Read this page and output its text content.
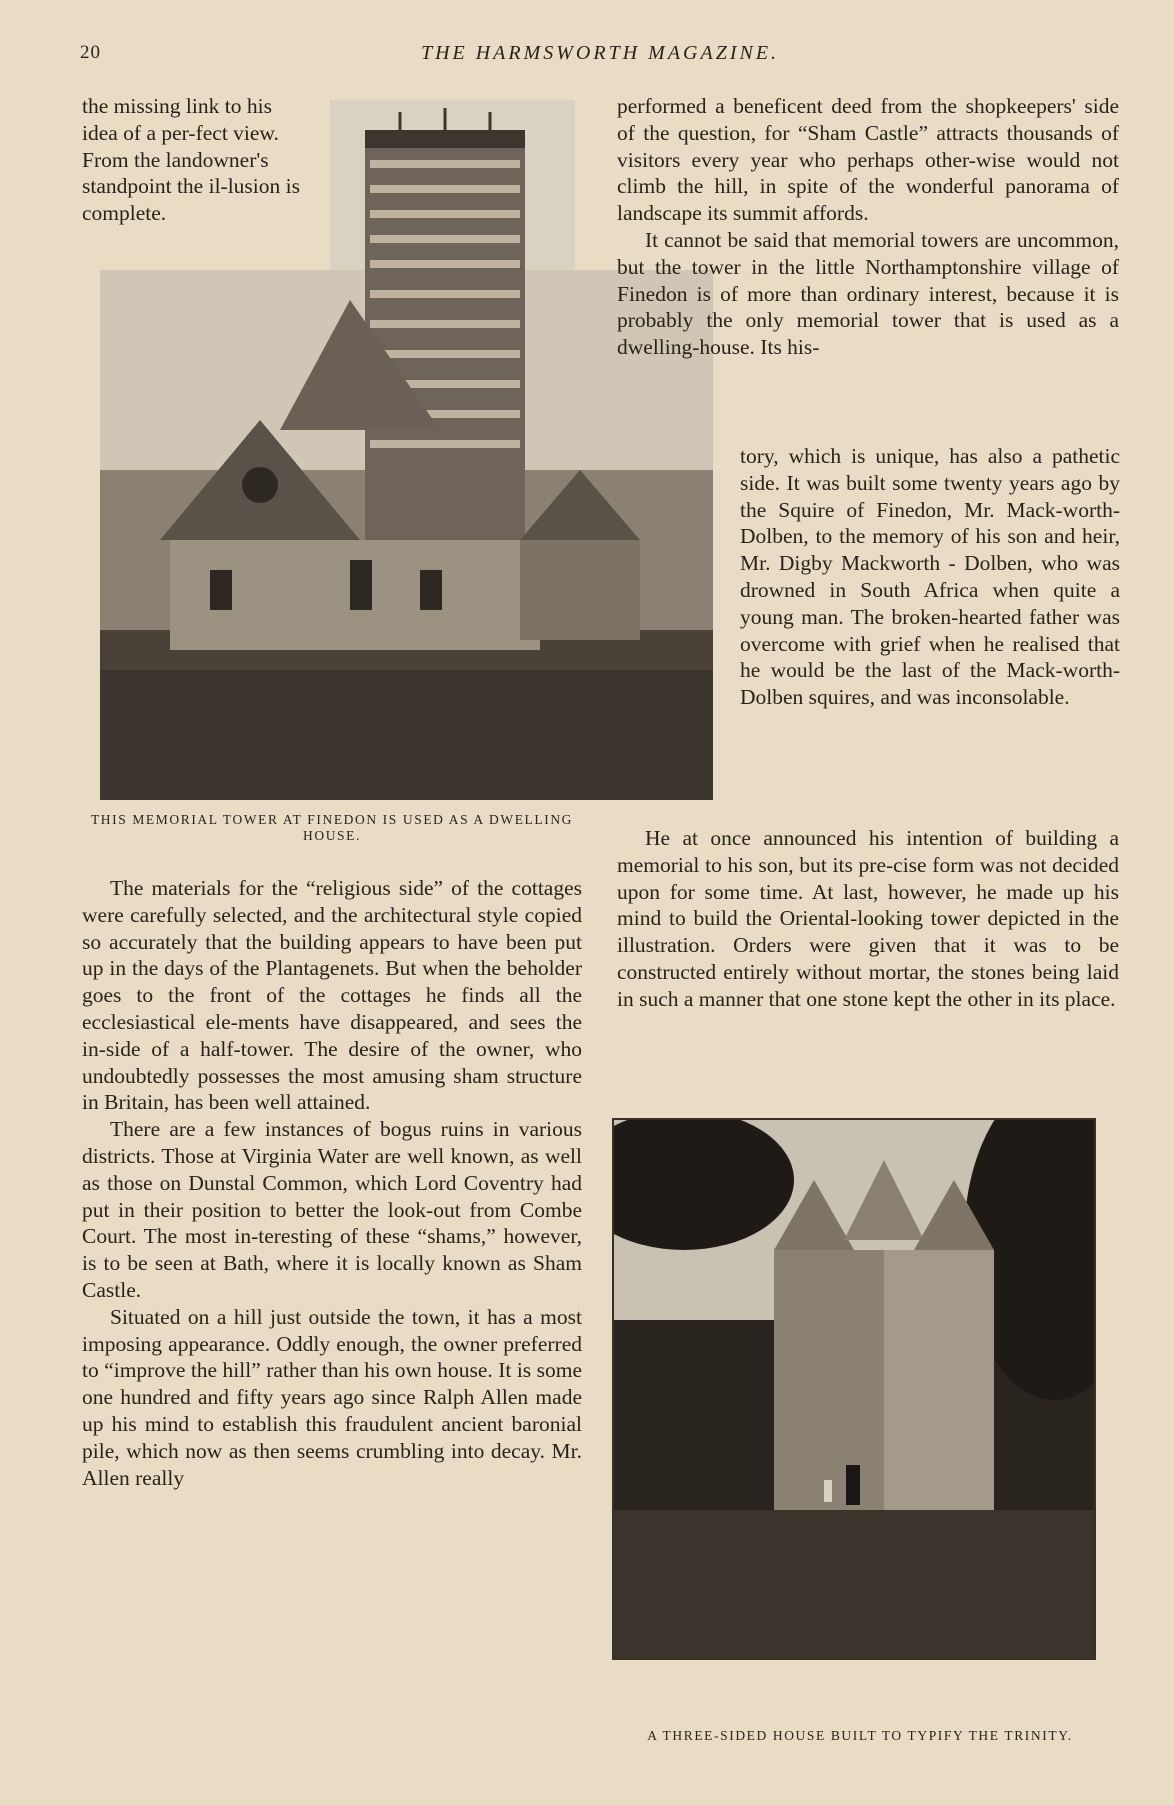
20	THE HARMSWORTH MAGAZINE.
the missing link to his idea of a per-fect view. From the landowner's standpoint the il-lusion is complete.
THIS MEMORIAL TOWER AT FINEDON IS USED AS A DWELLING HOUSE.

The materials for the “religious side” of the cottages were carefully selected, and the architectural style copied so accurately that the building appears to have been put up in the days of the Plantagenets. But when the beholder goes to the front of the cottages he finds all the ecclesiastical ele-ments have disappeared, and sees the in-side of a half-tower. The desire of the owner, who undoubtedly possesses the most amusing sham structure in Britain, has been well attained.

There are a few instances of bogus ruins in various districts. Those at Virginia Water are well known, as well as those on Dunstal Common, which Lord Coventry had put in their position to better the look-out from Combe Court. The most in-teresting of these “shams,” however, is to be seen at Bath, where it is locally known as Sham Castle.

Situated on a hill just outside the town, it has a most imposing appearance. Oddly enough, the owner preferred to “improve the hill” rather than his own house. It is some one hundred and fifty years ago since Ralph Allen made up his mind to establish this fraudulent ancient baronial pile, which now as then seems crumbling into decay. Mr. Allen really

performed a beneficent deed from the shopkeepers' side of the question, for “Sham Castle” attracts thousands of visitors every year who perhaps other-wise would not climb the hill, in spite of the wonderful panorama of landscape its summit affords.

It cannot be said that memorial towers are uncommon, but the tower in the little Northamptonshire village of Finedon is of more than ordinary interest, because it is probably the only memorial tower that is used as a dwelling-house. Its his-

tory, which is unique, has also a pathetic side. It was built some twenty years ago by the Squire of Finedon, Mr. Mack-worth-Dolben, to the memory of his son and heir, Mr. Digby Mackworth - Dolben, who was drowned in South Africa when quite a young man. The broken-hearted father was overcome with grief when he realised that he would be the last of the Mack-worth-Dolben squires, and was inconsolable.

He at once announced his intention of building a memorial to his son, but its pre-cise form was not decided upon for some time. At last, however, he made up his mind to build the Oriental-looking tower depicted in the illustration. Orders were given that it was to be constructed entirely without mortar, the stones being laid in such a manner that one stone kept the other in its place.

A THREE-SIDED HOUSE BUILT TO TYPIFY THE TRINITY.
